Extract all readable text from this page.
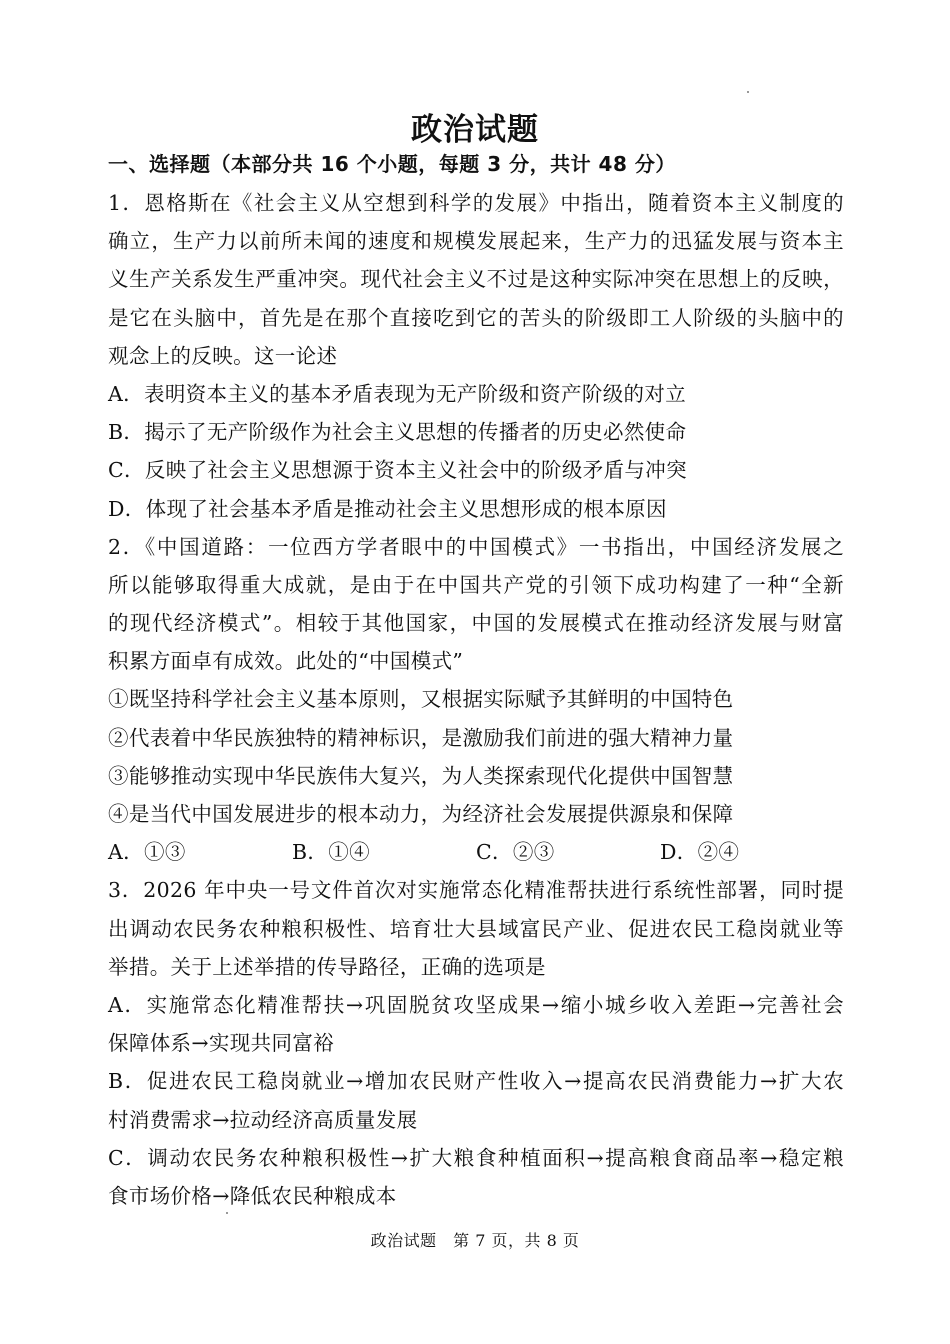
政治试题
一、选择题（本部分共 16 个小题，每题 3 分，共计 48 分）
1．恩格斯在《社会主义从空想到科学的发展》中指出，随着资本主义制度的
确立，生产力以前所未闻的速度和规模发展起来，生产力的迅猛发展与资本主
义生产关系发生严重冲突。现代社会主义不过是这种实际冲突在思想上的反映，
是它在头脑中，首先是在那个直接吃到它的苦头的阶级即工人阶级的头脑中的
观念上的反映。这一论述
A．表明资本主义的基本矛盾表现为无产阶级和资产阶级的对立
B．揭示了无产阶级作为社会主义思想的传播者的历史必然使命
C．反映了社会主义思想源于资本主义社会中的阶级矛盾与冲突
D．体现了社会基本矛盾是推动社会主义思想形成的根本原因
2．《中国道路：一位西方学者眼中的中国模式》一书指出，中国经济发展之
所以能够取得重大成就，是由于在中国共产党的引领下成功构建了一种“全新
的现代经济模式”。相较于其他国家，中国的发展模式在推动经济发展与财富
积累方面卓有成效。此处的“中国模式”
①既坚持科学社会主义基本原则，又根据实际赋予其鲜明的中国特色
②代表着中华民族独特的精神标识，是激励我们前进的强大精神力量
③能够推动实现中华民族伟大复兴，为人类探索现代化提供中国智慧
④是当代中国发展进步的根本动力，为经济社会发展提供源泉和保障
A．①③	B．①④	C．②③	D．②④
3．2026 年中央一号文件首次对实施常态化精准帮扶进行系统性部署，同时提
出调动农民务农种粮积极性、培育壮大县域富民产业、促进农民工稳岗就业等
举措。关于上述举措的传导路径，正确的选项是
A．实施常态化精准帮扶→巩固脱贫攻坚成果→缩小城乡收入差距→完善社会
保障体系→实现共同富裕
B．促进农民工稳岗就业→增加农民财产性收入→提高农民消费能力→扩大农
村消费需求→拉动经济高质量发展
C．调动农民务农种粮积极性→扩大粮食种植面积→提高粮食商品率→稳定粮
食市场价格→降低农民种粮成本
政治试题　第 7 页，共 8 页
